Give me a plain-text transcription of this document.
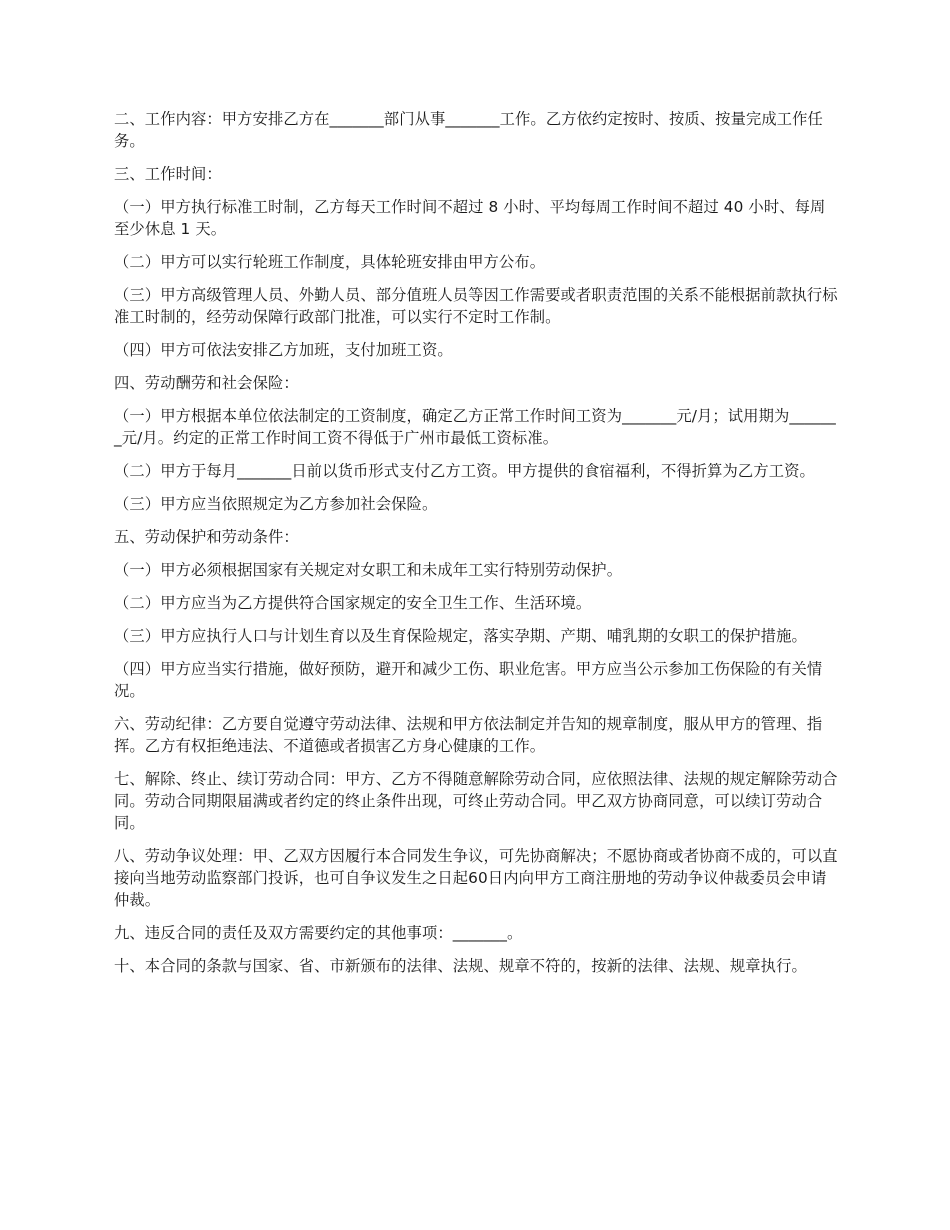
二、工作内容：甲方安排乙方在_______部门从事_______工作。乙方依约定按时、按质、按量完成工作任务。

三、工作时间：

（一）甲方执行标准工时制，乙方每天工作时间不超过 8 小时、平均每周工作时间不超过 40 小时、每周至少休息 1 天。

（二）甲方可以实行轮班工作制度，具体轮班安排由甲方公布。

（三）甲方高级管理人员、外勤人员、部分值班人员等因工作需要或者职责范围的关系不能根据前款执行标准工时制的，经劳动保障行政部门批准，可以实行不定时工作制。

（四）甲方可依法安排乙方加班，支付加班工资。

四、劳动酬劳和社会保险：

（一）甲方根据本单位依法制定的工资制度，确定乙方正常工作时间工资为_______元/月；试用期为_______元/月。约定的正常工作时间工资不得低于广州市最低工资标准。

（二）甲方于每月_______日前以货币形式支付乙方工资。甲方提供的食宿福利，不得折算为乙方工资。

（三）甲方应当依照规定为乙方参加社会保险。

五、劳动保护和劳动条件：

（一）甲方必须根据国家有关规定对女职工和未成年工实行特别劳动保护。

（二）甲方应当为乙方提供符合国家规定的安全卫生工作、生活环境。

（三）甲方应执行人口与计划生育以及生育保险规定，落实孕期、产期、哺乳期的女职工的保护措施。

（四）甲方应当实行措施，做好预防，避开和减少工伤、职业危害。甲方应当公示参加工伤保险的有关情况。

六、劳动纪律：乙方要自觉遵守劳动法律、法规和甲方依法制定并告知的规章制度，服从甲方的管理、指挥。乙方有权拒绝违法、不道德或者损害乙方身心健康的工作。

七、解除、终止、续订劳动合同：甲方、乙方不得随意解除劳动合同，应依照法律、法规的规定解除劳动合同。劳动合同期限届满或者约定的终止条件出现，可终止劳动合同。甲乙双方协商同意，可以续订劳动合同。

八、劳动争议处理：甲、乙双方因履行本合同发生争议，可先协商解决；不愿协商或者协商不成的，可以直接向当地劳动监察部门投诉，也可自争议发生之日起60日内向甲方工商注册地的劳动争议仲裁委员会申请仲裁。

九、违反合同的责任及双方需要约定的其他事项：_______。

十、本合同的条款与国家、省、市新颁布的法律、法规、规章不符的，按新的法律、法规、规章执行。
